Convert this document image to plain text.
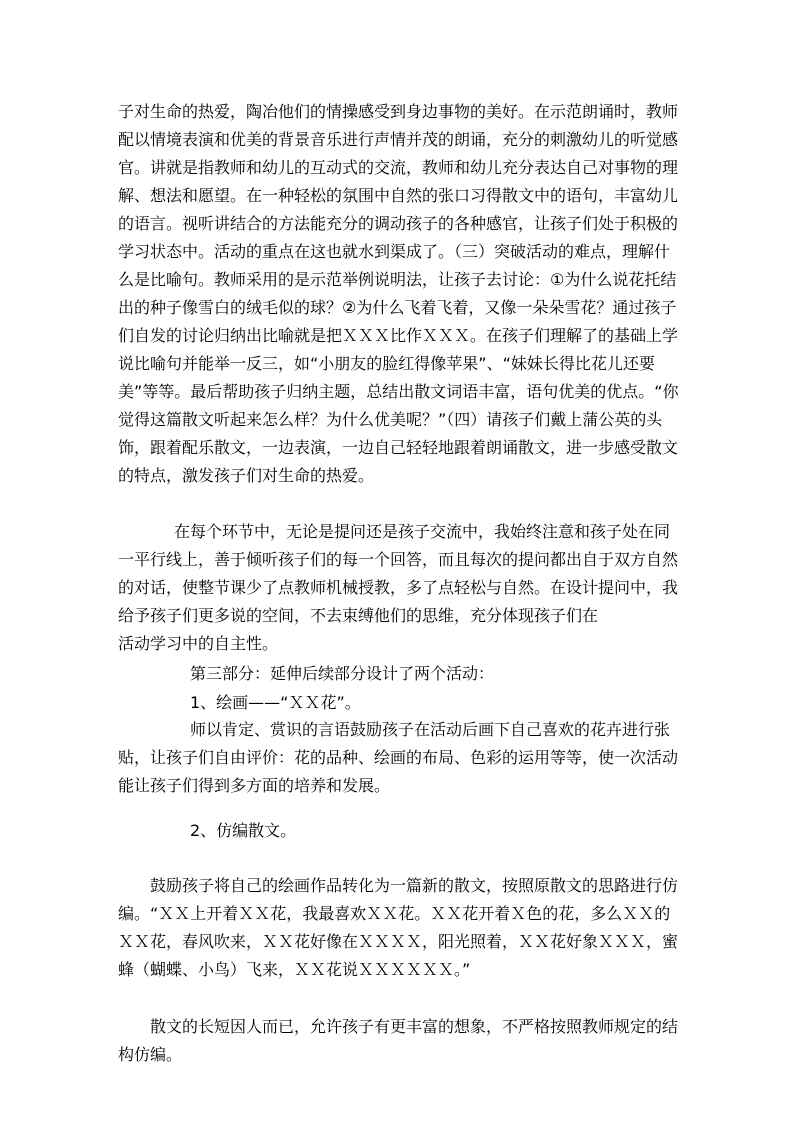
子对生命的热爱，陶冶他们的情操感受到身边事物的美好。在示范朗诵时，教师
配以情境表演和优美的背景音乐进行声情并茂的朗诵，充分的刺激幼儿的听觉感
官。讲就是指教师和幼儿的互动式的交流，教师和幼儿充分表达自己对事物的理
解、想法和愿望。在一种轻松的氛围中自然的张口习得散文中的语句，丰富幼儿
的语言。视听讲结合的方法能充分的调动孩子的各种感官，让孩子们处于积极的
学习状态中。活动的重点在这也就水到渠成了。（三）突破活动的难点，理解什
么是比喻句。教师采用的是示范举例说明法，让孩子去讨论：①为什么说花托结
出的种子像雪白的绒毛似的球？②为什么飞着飞着，又像一朵朵雪花？通过孩子
们自发的讨论归纳出比喻就是把ＸＸＸ比作ＸＸＸ。在孩子们理解了的基础上学
说比喻句并能举一反三，如“小朋友的脸红得像苹果”、“妹妹长得比花儿还要
美”等等。最后帮助孩子归纳主题，总结出散文词语丰富，语句优美的优点。“你
觉得这篇散文听起来怎么样？为什么优美呢？”（四）请孩子们戴上蒲公英的头
饰，跟着配乐散文，一边表演，一边自己轻轻地跟着朗诵散文，进一步感受散文
的特点，激发孩子们对生命的热爱。
在每个环节中，无论是提问还是孩子交流中，我始终注意和孩子处在同
一平行线上，善于倾听孩子们的每一个回答，而且每次的提问都出自于双方自然
的对话，使整节课少了点教师机械授教，多了点轻松与自然。在设计提问中，我
给予孩子们更多说的空间，不去束缚他们的思维，充分体现孩子们在
活动学习中的自主性。
第三部分：延伸后续部分设计了两个活动：
1、绘画——“ＸＸ花”。
师以肯定、赏识的言语鼓励孩子在活动后画下自己喜欢的花卉进行张
贴，让孩子们自由评价：花的品种、绘画的布局、色彩的运用等等，使一次活动
能让孩子们得到多方面的培养和发展。
2、仿编散文。
鼓励孩子将自己的绘画作品转化为一篇新的散文，按照原散文的思路进行仿
编。“ＸＸ上开着ＸＸ花，我最喜欢ＸＸ花。ＸＸ花开着Ｘ色的花，多么ＸＸ的
ＸＸ花，春风吹来，ＸＸ花好像在ＸＸＸＸ，阳光照着，ＸＸ花好象ＸＸＸ，蜜
蜂（蝴蝶、小鸟）飞来，ＸＸ花说ＸＸＸＸＸＸ。”
散文的长短因人而已，允许孩子有更丰富的想象，不严格按照教师规定的结
构仿编。
